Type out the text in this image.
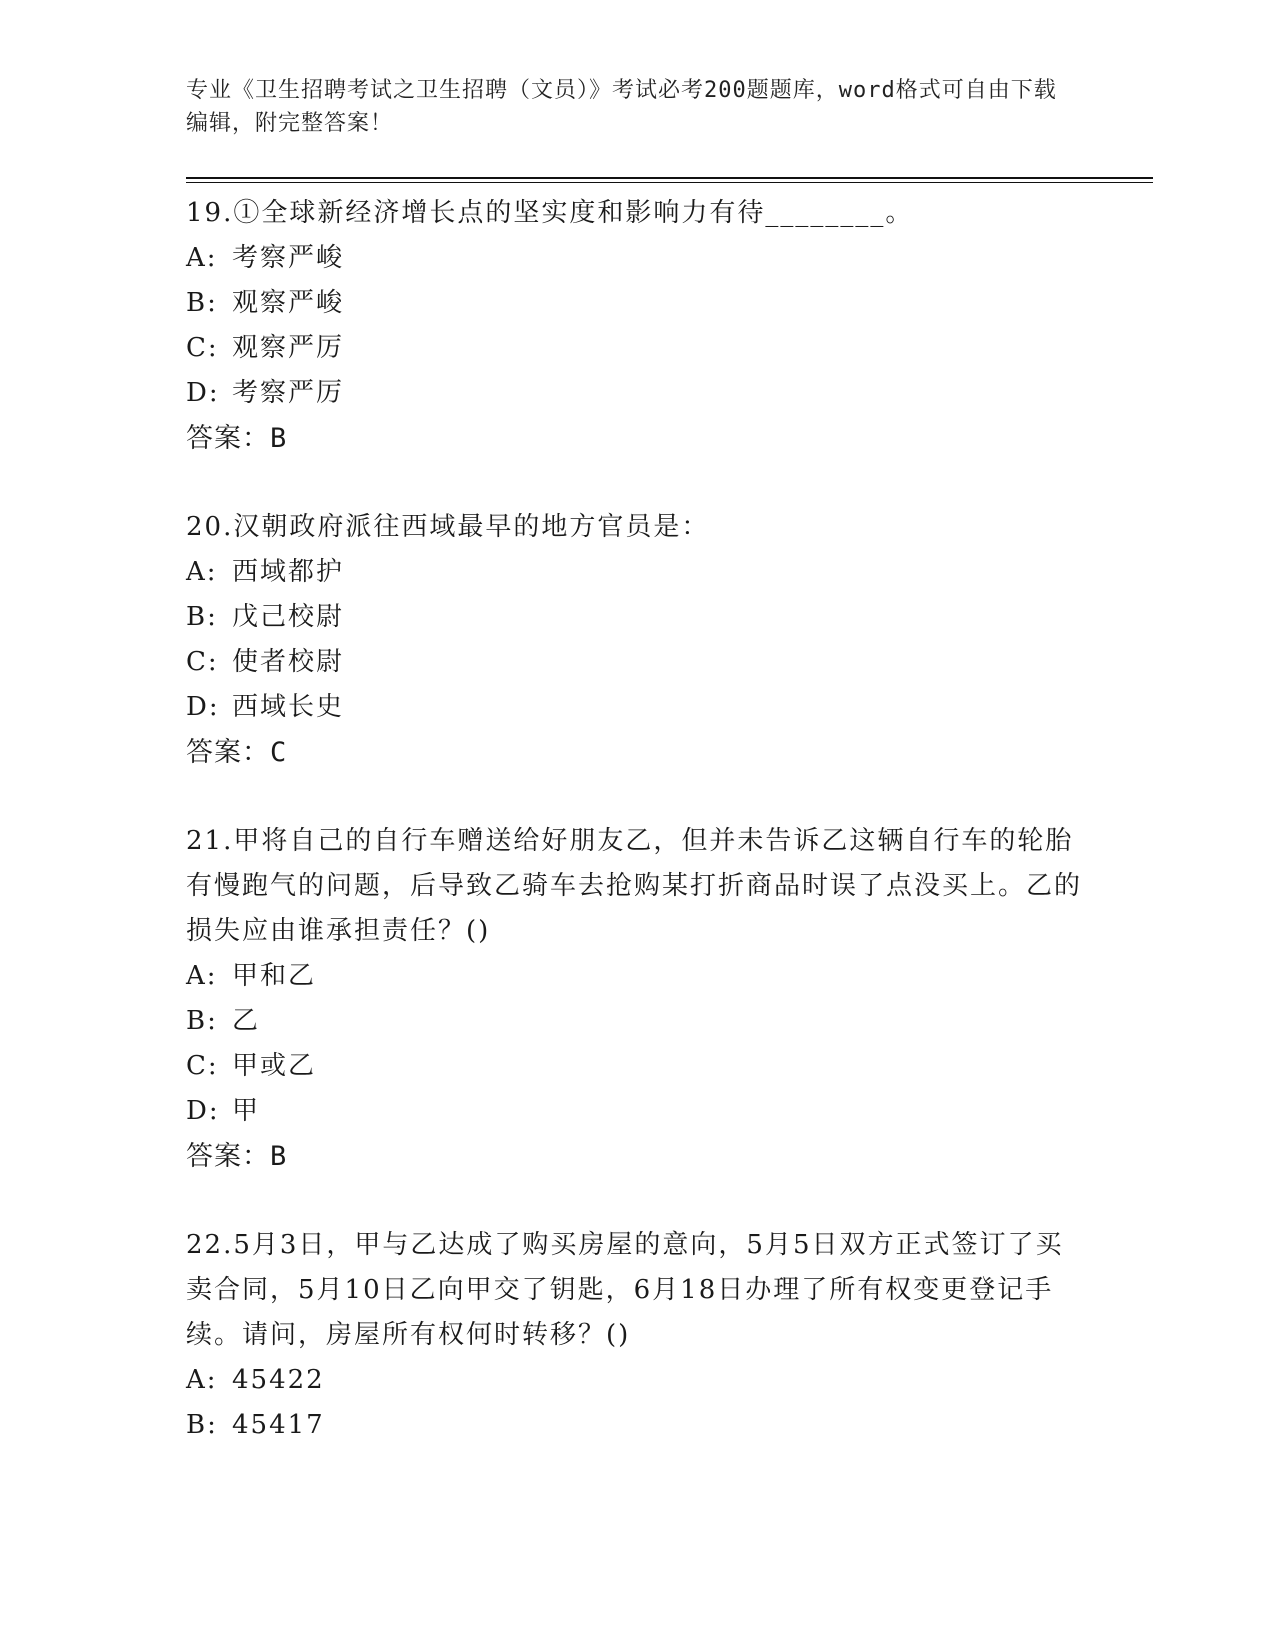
专业《卫生招聘考试之卫生招聘（文员）》考试必考200题题库，word格式可自由下载编辑，附完整答案！
19.①全球新经济增长点的坚实度和影响力有待________。
A: 考察严峻
B: 观察严峻
C: 观察严厉
D: 考察严厉
答案：B
20.汉朝政府派往西域最早的地方官员是：
A: 西域都护
B: 戊己校尉
C: 使者校尉
D: 西域长史
答案：C
21.甲将自己的自行车赠送给好朋友乙，但并未告诉乙这辆自行车的轮胎有慢跑气的问题，后导致乙骑车去抢购某打折商品时误了点没买上。乙的损失应由谁承担责任？()
A: 甲和乙
B: 乙
C: 甲或乙
D: 甲
答案：B
22.5月3日，甲与乙达成了购买房屋的意向，5月5日双方正式签订了买卖合同，5月10日乙向甲交了钥匙，6月18日办理了所有权变更登记手续。请问，房屋所有权何时转移？()
A: 45422
B: 45417
